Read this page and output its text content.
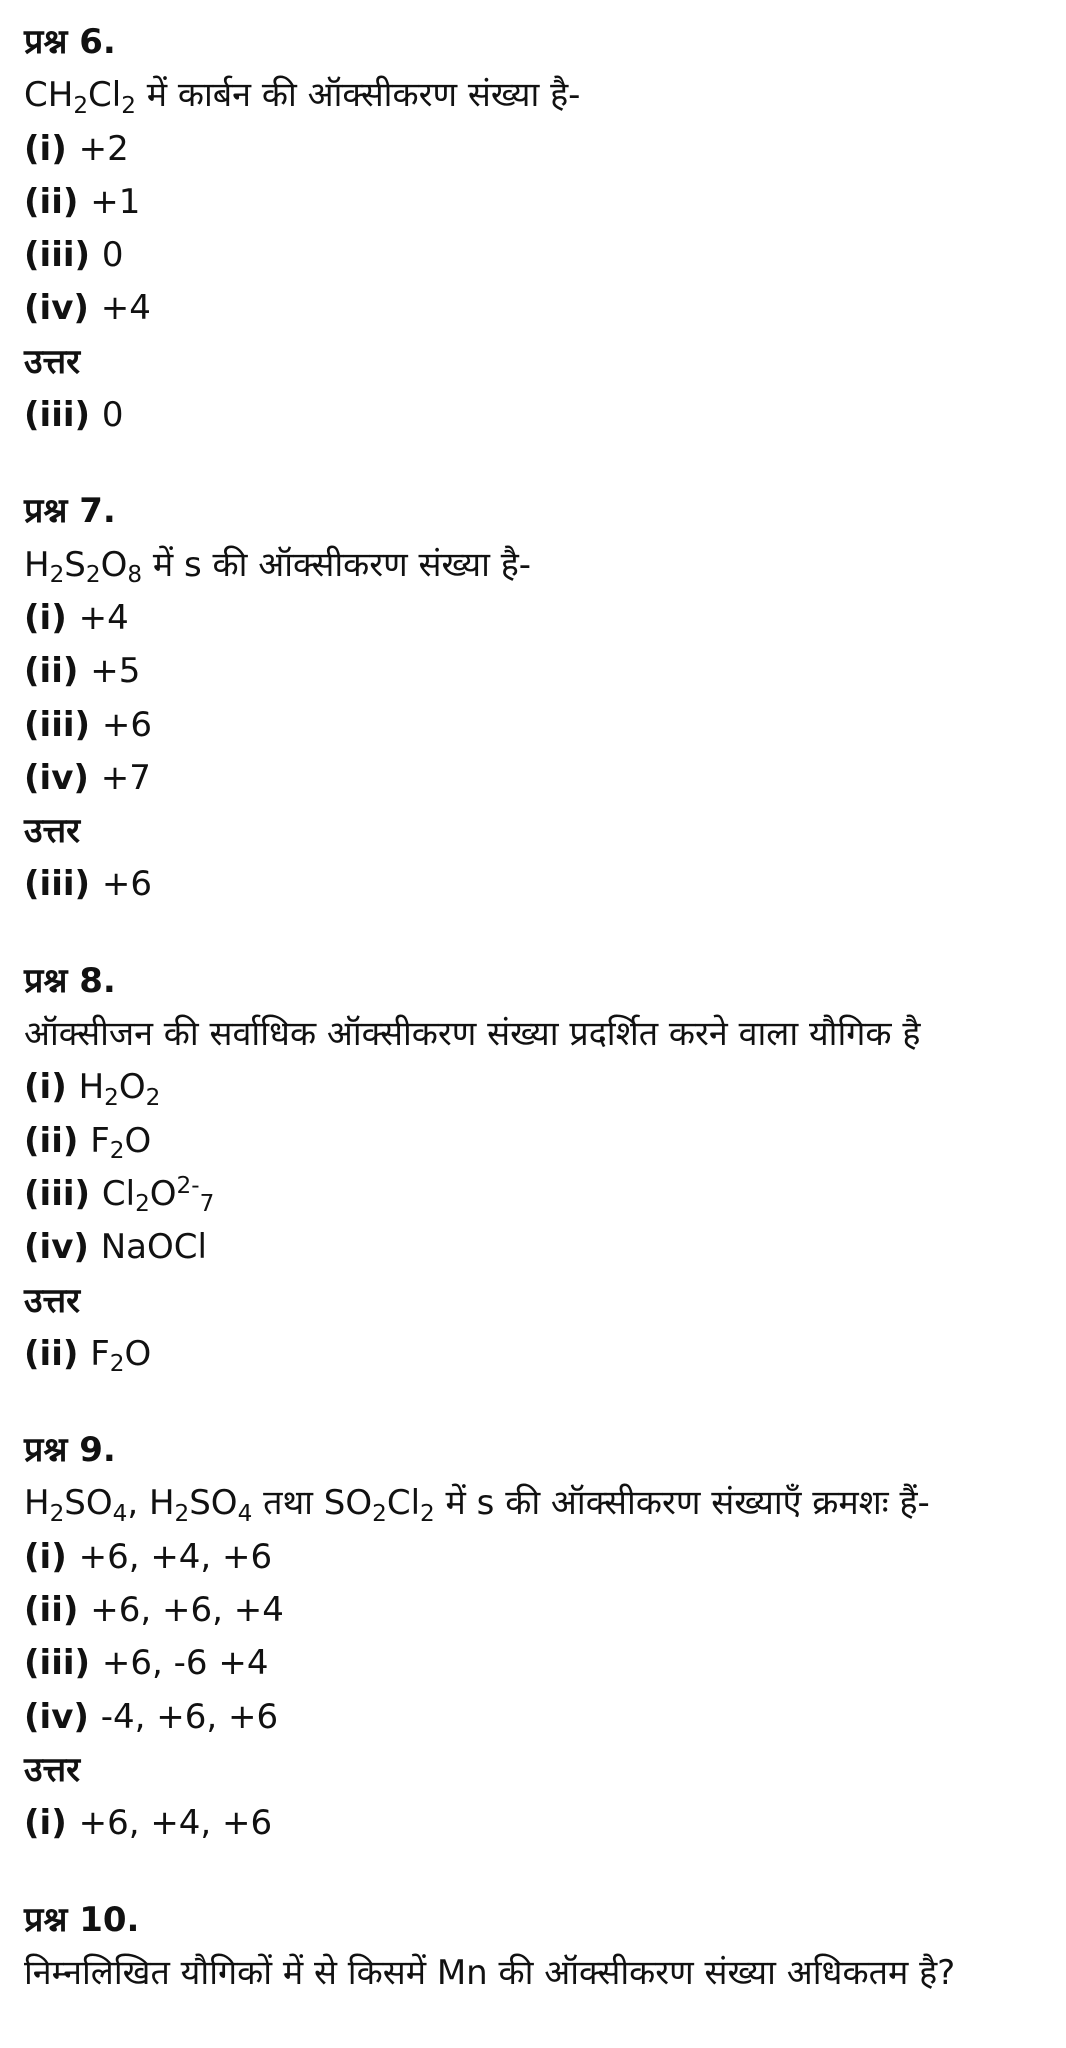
प्रश्न 6.
$CH_2Cl_2$ में कार्बन की ऑक्सीकरण संख्या है-
(i) +2
(ii) +1
(iii) 0
(iv) +4
उत्तर
(iii) 0
प्रश्न 7.
$H_2S_2O_8$ में s की ऑक्सीकरण संख्या है-
(i) +4
(ii) +5
(iii) +6
(iv) +7
उत्तर
(iii) +6
प्रश्न 8.
ऑक्सीजन की सर्वाधिक ऑक्सीकरण संख्या प्रदर्शित करने वाला यौगिक है
(i) $H_2O_2$
(ii) $F_2O$
(iii) $Cl_2O^{2-}_7$
(iv) NaOCl
उत्तर
(ii) $F_2O$
प्रश्न 9.
$H_2SO_4$, $H_2SO_4$ तथा $SO_2Cl_2$ में s की ऑक्सीकरण संख्याएँ क्रमशः हैं-
(i) +6, +4, +6
(ii) +6, +6, +4
(iii) +6, -6 +4
(iv) -4, +6, +6
उत्तर
(i) +6, +4, +6
प्रश्न 10.
निम्नलिखित यौगिकों में से किसमें Mn की ऑक्सीकरण संख्या अधिकतम है?
